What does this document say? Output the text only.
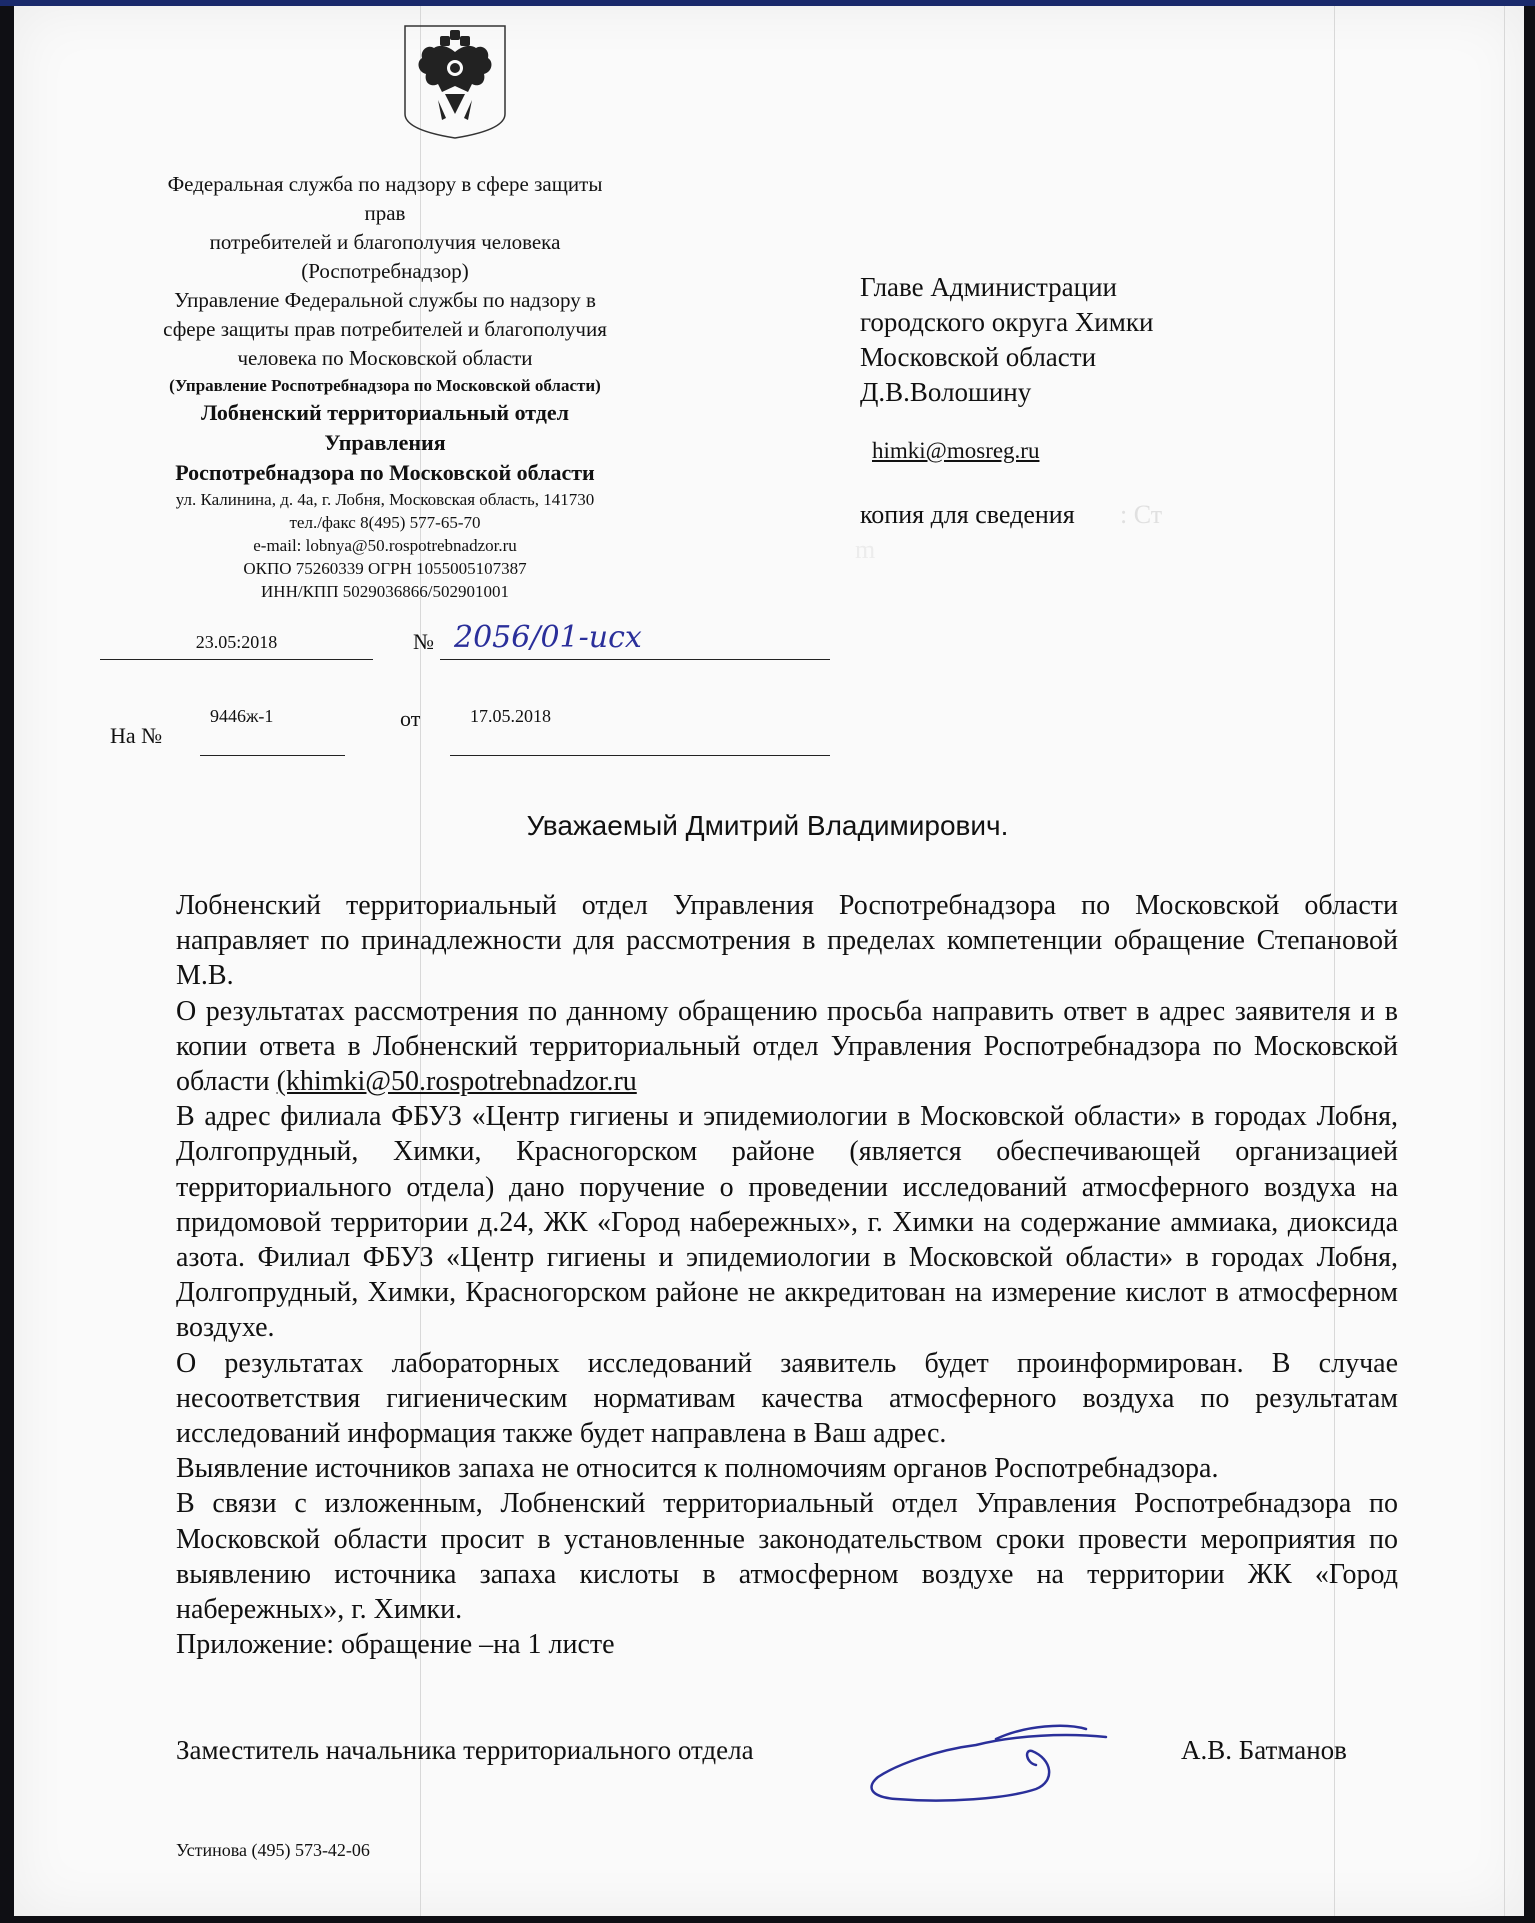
Федеральная служба по надзору в сфере защиты прав
потребителей и благополучия человека
(Роспотребнадзор)
Управление Федеральной службы по надзору в
сфере защиты прав потребителей и благополучия
человека по Московской области
(Управление Роспотребнадзора по Московской области)
Лобненский территориальный отдел Управления
Роспотребнадзора по Московской области
ул. Калинина, д. 4а, г. Лобня, Московская область, 141730
тел./факс 8(495) 577-65-70
e-mail: lobnya@50.rospotrebnadzor.ru
ОКПО 75260339 ОГРН 1055005107387
ИНН/КПП 5029036866/502901001
Главе Администрации
городского округа Химки
Московской области
Д.В.Волошину
himki@mosreg.ru
копия для сведения : Ст
m
23.05:2018	№ 2056/01-исх
На №
9446ж-1	от	17.05.2018
Уважаемый Дмитрий Владимирович.

Лобненский территориальный отдел Управления Роспотребнадзора по Московской области направляет по принадлежности для рассмотрения в пределах компетенции обращение Степановой М.В.

О результатах рассмотрения по данному обращению просьба направить ответ в адрес заявителя и в копии ответа в Лобненский территориальный отдел Управления Роспотребнадзора по Московской области (khimki@50.rospotrebnadzor.ru

В адрес филиала ФБУЗ «Центр гигиены и эпидемиологии в Московской области» в городах Лобня, Долгопрудный, Химки, Красногорском районе (является обеспечивающей организацией территориального отдела) дано поручение о проведении исследований атмосферного воздуха на придомовой территории д.24, ЖК «Город набережных», г. Химки на содержание аммиака, диоксида азота. Филиал ФБУЗ «Центр гигиены и эпидемиологии в Московской области» в городах Лобня, Долгопрудный, Химки, Красногорском районе не аккредитован на измерение кислот в атмосферном воздухе.

О результатах лабораторных исследований заявитель будет проинформирован. В случае несоответствия гигиеническим нормативам качества атмосферного воздуха по результатам исследований информация также будет направлена в Ваш адрес.

Выявление источников запаха не относится к полномочиям органов Роспотребнадзора.

В связи с изложенным, Лобненский территориальный отдел Управления Роспотребнадзора по Московской области просит в установленные законодательством сроки провести мероприятия по выявлению источника запаха кислоты в атмосферном воздухе на территории ЖК «Город набережных», г. Химки.

Приложение: обращение –на 1 листе

Заместитель начальника территориального отдела	А.В. Батманов
Устинова (495) 573-42-06
